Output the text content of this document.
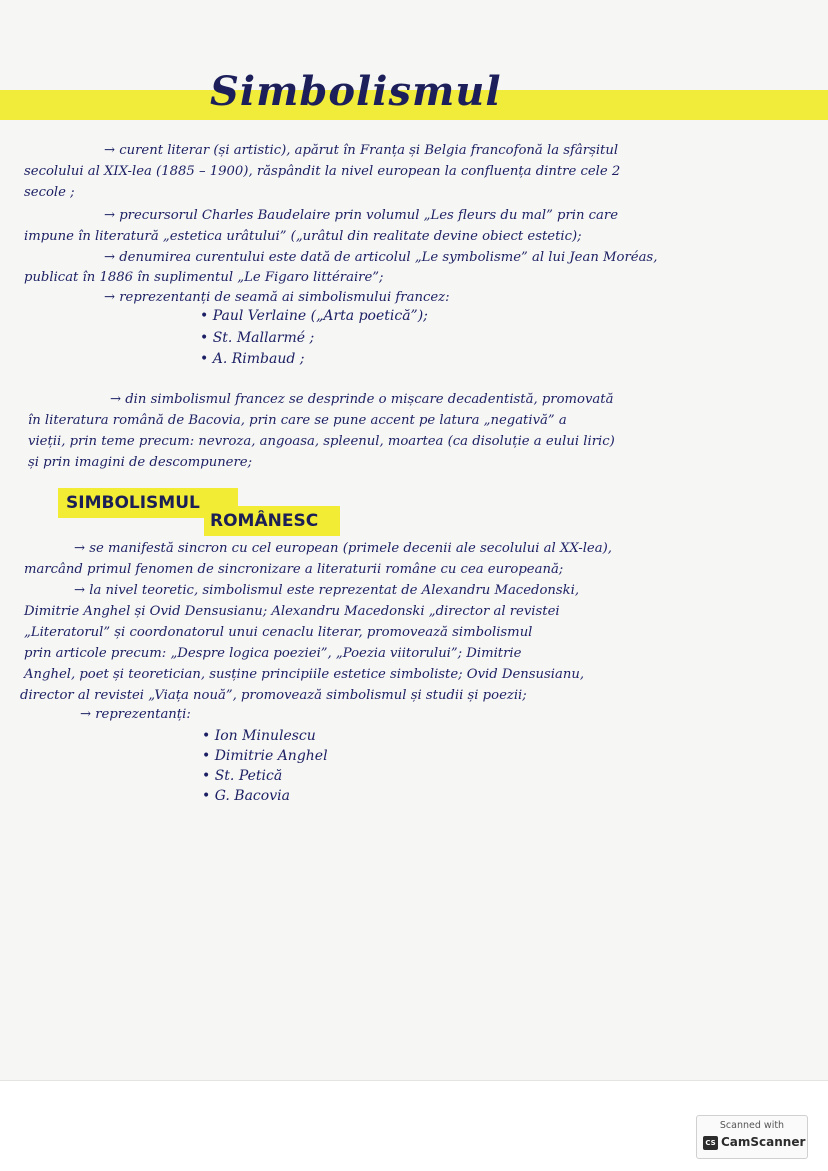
Simbolismul
→ curent literar (și artistic), apărut în Franța și Belgia francofonă la sfârșitul
secolului al XIX-lea (1885 – 1900), răspândit la nivel european la confluența dintre cele 2
secole ;
→ precursorul Charles Baudelaire prin volumul „Les fleurs du mal” prin care
impune în literatură „estetica urâtului” („urâtul din realitate devine obiect estetic);
→ denumirea curentului este dată de articolul „Le symbolisme” al lui Jean Moréas,
publicat în 1886 în suplimentul „Le Figaro littéraire”;
→ reprezentanți de seamă ai simbolismului francez:
• Paul Verlaine („Arta poetică”);
• St. Mallarmé ;
• A. Rimbaud ;
→ din simbolismul francez se desprinde o mișcare decadentistă, promovată
în literatura română de Bacovia, prin care se pune accent pe latura „negativă” a
vieții, prin teme precum: nevroza, angoasa, spleenul, moartea (ca disoluție a eului liric)
și prin imagini de descompunere;
SIMBOLISMUL
ROMÂNESC
→ se manifestă sincron cu cel european (primele decenii ale secolului al XX-lea),
marcând primul fenomen de sincronizare a literaturii române cu cea europeană;
→ la nivel teoretic, simbolismul este reprezentat de Alexandru Macedonski,
Dimitrie Anghel și Ovid Densusianu; Alexandru Macedonski „director al revistei
„Literatorul” și coordonatorul unui cenaclu literar, promovează simbolismul
prin articole precum: „Despre logica poeziei”, „Poezia viitorului”; Dimitrie
Anghel, poet și teoretician, susține principiile estetice simboliste; Ovid Densusianu,
director al revistei „Viața nouă”, promovează simbolismul și studii și poezii;
→ reprezentanți:
• Ion Minulescu
• Dimitrie Anghel
• St. Petică
• G. Bacovia
Scanned with
CS CamScanner
